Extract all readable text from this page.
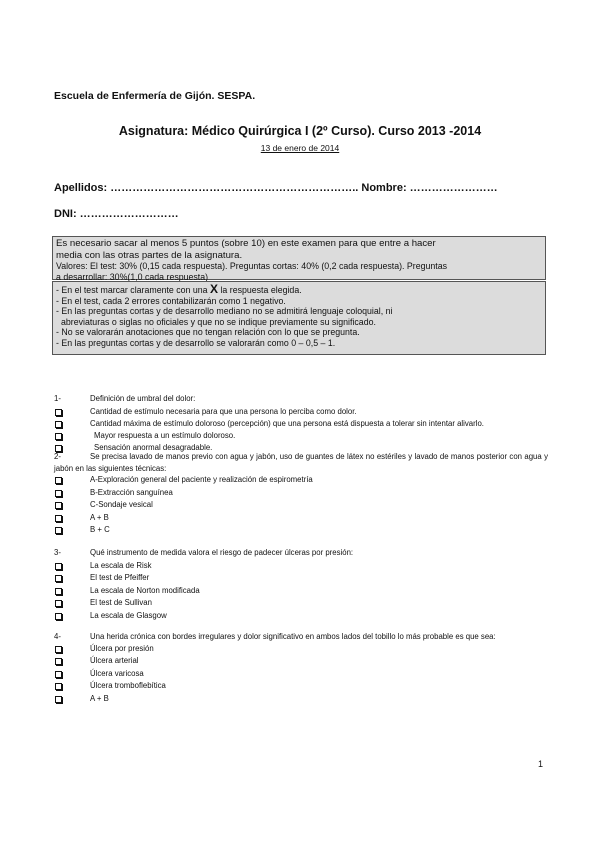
Escuela de Enfermería de Gijón. SESPA.
Asignatura: Médico Quirúrgica I (2º Curso). Curso 2013 -2014
13 de enero de 2014
Apellidos: ………………………………………………………….. Nombre: ……………………
DNI: ………………………
Es necesario sacar al menos 5 puntos (sobre 10) en este examen para que entre a hacer
media con las otras partes de la asignatura.
Valores: El test: 30% (0,15 cada respuesta). Preguntas cortas: 40% (0,2 cada respuesta). Preguntas
a desarrollar: 30%(1,0 cada respuesta)

- En el test marcar claramente con una X la respuesta elegida.

- En el test, cada 2 errores contabilizarán como 1 negativo.

- En las preguntas cortas y de desarrollo mediano no se admitirá lenguaje coloquial, ni

abreviaturas o siglas no oficiales y que no se indique previamente su significado.

- No se valorarán anotaciones que no tengan relación con lo que se pregunta.

- En las preguntas cortas y de desarrollo se valorarán como 0 – 0,5 – 1.

1-	Definición de umbral del dolor:
Cantidad de estímulo necesaria para que una persona lo perciba como dolor.
Cantidad máxima de estímulo doloroso (percepción) que una persona está dispuesta a tolerar sin intentar alivarlo.
Mayor respuesta a un estímulo doloroso.
Sensación anormal desagradable.
2-	Se precisa lavado de manos previo con agua y jabón, uso de guantes de látex no estériles y lavado de manos posterior con agua y jabón en las siguientes técnicas:
A-Exploración general del paciente y realización de espirometría
B-Extracción sanguínea
C-Sondaje vesical
A + B
B + C
3-	Qué instrumento de medida valora el riesgo de padecer úlceras por presión:
La escala de Risk
El test de Pfeiffer
La escala de Norton modificada
El test de Sullivan
La escala de Glasgow
4-	Una herida crónica con bordes irregulares y dolor significativo en ambos lados del tobillo lo más probable es que sea:
Úlcera por presión
Úlcera arterial
Úlcera varicosa
Úlcera tromboflebítica
A + B
1
